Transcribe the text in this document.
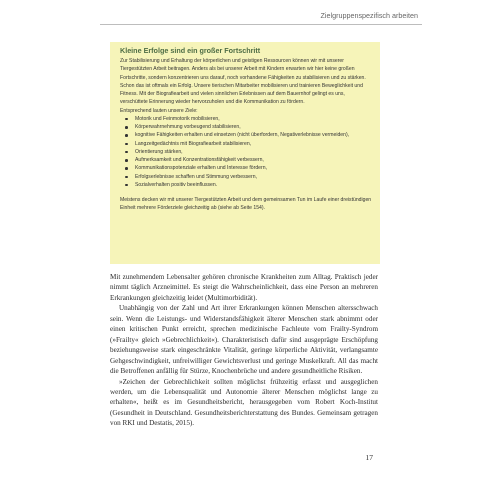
Zielgruppenspezifisch arbeiten
Kleine Erfolge sind ein großer Fortschritt

Zur Stabilisierung und Erhaltung der körperlichen und geistigen Ressourcen können wir mit unserer Tiergestützten Arbeit beitragen. Anders als bei unserer Arbeit mit Kindern erwarten wir hier keine großen Fortschritte, sondern konzentrieren uns darauf, noch vorhandene Fähigkeiten zu stabilisieren und zu stärken. Schon das ist oftmals ein Erfolg. Unsere tierischen Mitarbeiter mobilisieren und trainieren Beweglichkeit und Fitness. Mit der Biografiearbeit und vielen sinnlichen Erlebnissen auf dem Bauernhof gelingt es uns, verschüttete Erinnerung wieder hervorzuholen und die Kommunikation zu fördern.

Entsprechend lauten unsere Ziele:
Motorik und Feinmotorik mobilisieren,
Körperwahrnehmung vorbeugend stabilisieren,
kognitive Fähigkeiten erhalten und einsetzen (nicht überfordern, Negativerlebnisse vermeiden),
Langzeitgedächtnis mit Biografiearbeit stabilisieren,
Orientierung stärken,
Aufmerksamkeit und Konzentrationsfähigkeit verbessern,
Kommunikationspotenziale erhalten und Interesse fördern,
Erfolgserlebnisse schaffen und Stimmung verbessern,
Sozialverhalten positiv beeinflussen.

Meistens decken wir mit unserer Tiergestützten Arbeit und dem gemeinsamen Tun im Laufe einer dreistündigen Einheit mehrere Förderziele gleichzeitig ab (siehe ab Seite 154).

Mit zunehmendem Lebensalter gehören chronische Krankheiten zum Alltag. Praktisch jeder nimmt täglich Arzneimittel. Es steigt die Wahrscheinlichkeit, dass eine Person an mehreren Erkrankungen gleichzeitig leidet (Multimorbidität).

Unabhängig von der Zahl und Art ihrer Erkrankungen können Menschen altersschwach sein. Wenn die Leistungs- und Widerstandsfähigkeit älterer Menschen stark abnimmt oder einen kritischen Punkt erreicht, sprechen medizinische Fachleute vom Frailty-Syndrom (»Frailty« gleich »Gebrechlichkeit«). Charakteristisch dafür sind ausgeprägte Erschöpfung beziehungsweise stark eingeschränkte Vitalität, geringe körperliche Aktivität, verlangsamte Gehgeschwindigkeit, unfreiwilliger Gewichtsverlust und geringe Muskelkraft. All das macht die Betroffenen anfällig für Stürze, Knochenbrüche und andere gesundheitliche Risiken.

»Zeichen der Gebrechlichkeit sollten möglichst frühzeitig erfasst und ausgeglichen werden, um die Lebensqualität und Autonomie älterer Menschen möglichst lange zu erhalten«, heißt es im Gesundheitsbericht, herausgegeben vom Robert Koch-Institut (Gesundheit in Deutschland. Gesundheitsberichterstattung des Bundes. Gemeinsam getragen von RKI und Destatis, 2015).

17
